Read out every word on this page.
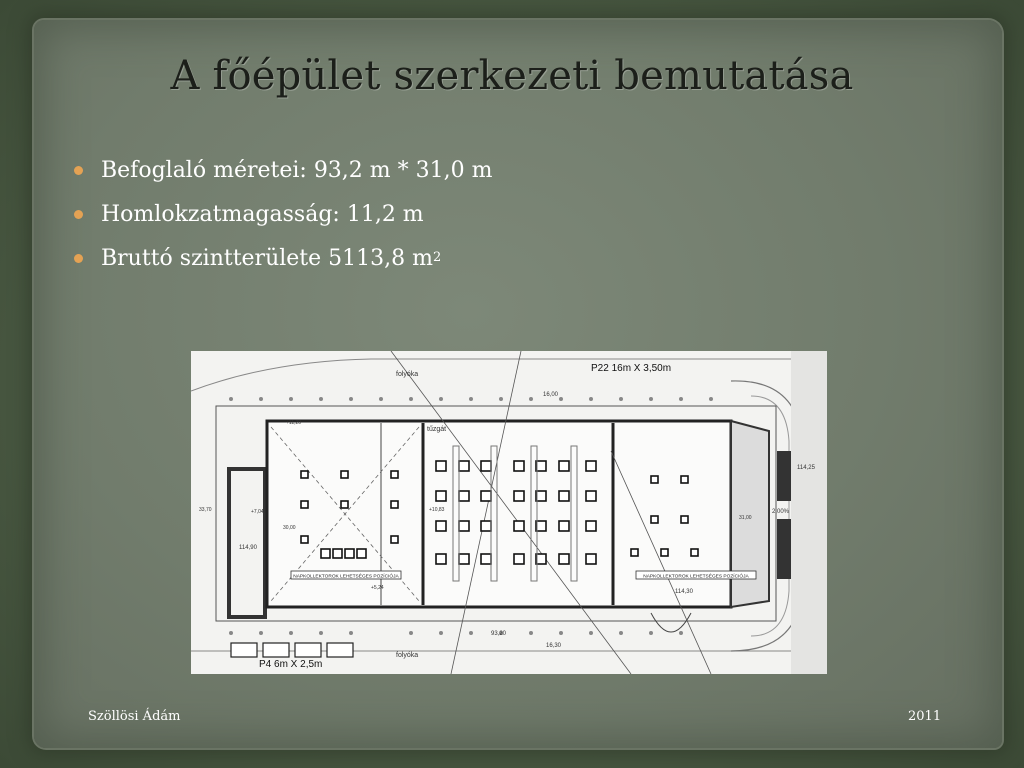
A főépület szerkezeti bemutatása
Befoglaló méretei : 93,2 m * 31,0 m
Homlokzatmagasság : 11,2 m
Bruttó szintterülete
5113,8 m 2
NAPKOLLEKTOROK LEHETSÉGES POZÍCIÓJA	NAPKOLLEKTOROK LEHETSÉGES POZÍCIÓJA
P22 16m X 3,50m
P4 6m X 2,5m
folyóka
folyóka
tűzgát
2,00%
+11,20
+10,83
+7,04
114,90
114,25
114,30
30,00
33,70
31,00
16,30
16,00
93,20
+5,24
Szöllösi Ádám	2011
